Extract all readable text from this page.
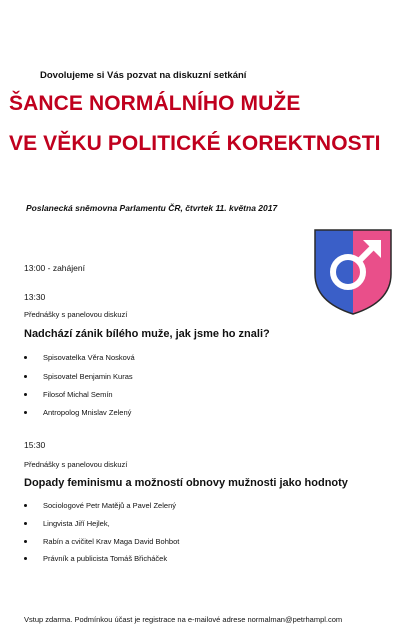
Dovolujeme si Vás pozvat na diskuzní setkání
ŠANCE NORMÁLNÍHO MUŽE
VE VĚKU POLITICKÉ KOREKTNOSTI
Poslanecká sněmovna Parlamentu ČR, čtvrtek 11. května 2017
13:00 - zahájení
13:30
Přednášky s panelovou diskuzí
Nadchází zánik bílého muže, jak jsme ho znali?
Spisovatelka Věra Nosková
Spisovatel Benjamin Kuras
Filosof Michal Semín
Antropolog Mnislav Zelený
15:30
Přednášky s panelovou diskuzí
Dopady feminismu a možností obnovy mužnosti jako hodnoty
Sociologové Petr Matějů a Pavel Zelený
Lingvista Jiří Hejlek,
Rabín a cvičitel Krav Maga David Bohbot
Právník a publicista Tomáš Břicháček
Vstup zdarma. Podmínkou účast je registrace na e-mailové adrese normalman@petrhampl.com
